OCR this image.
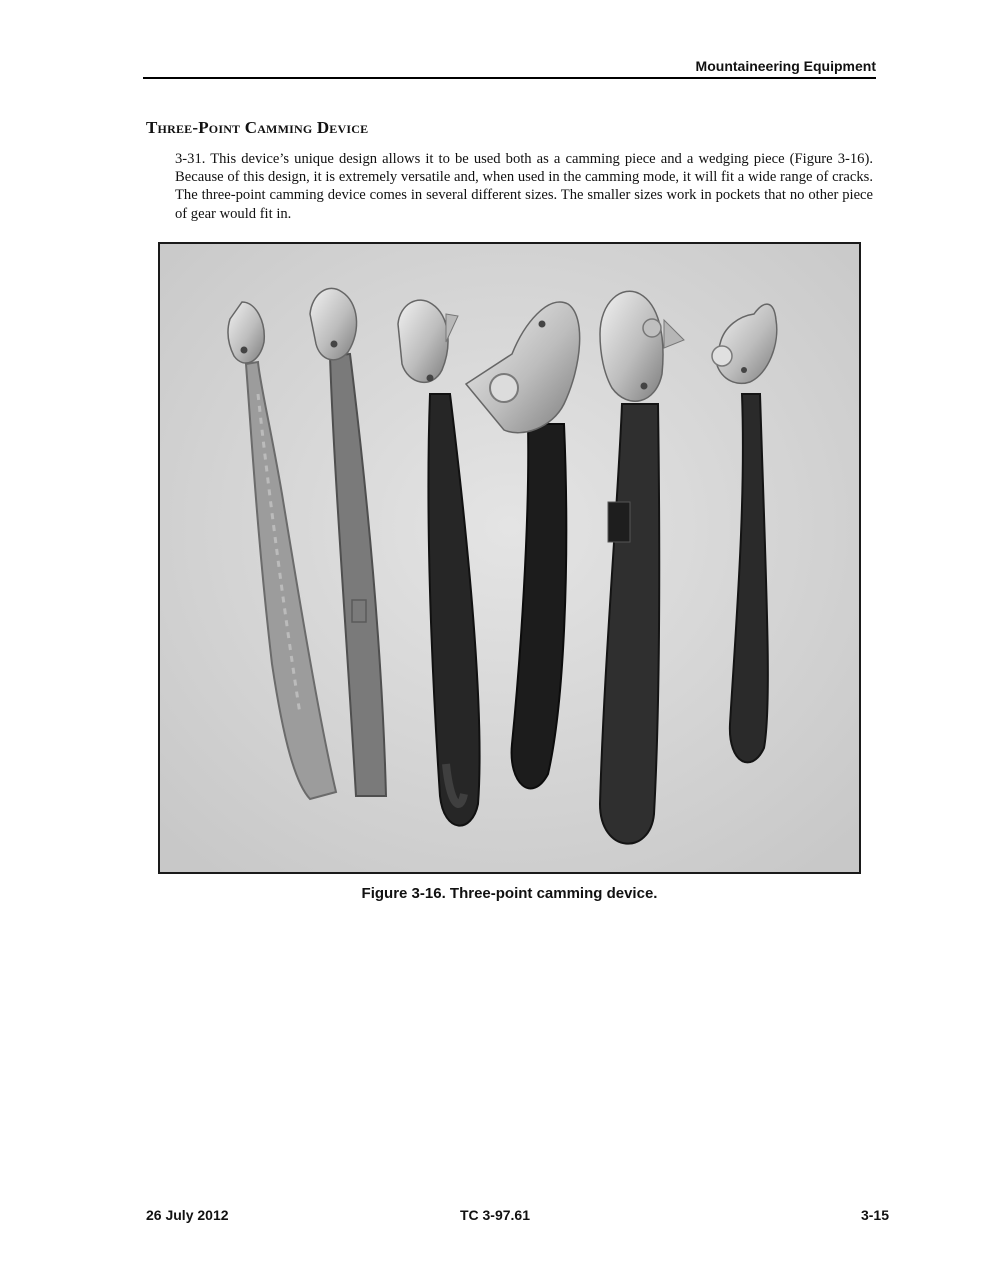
Mountaineering Equipment
Three-Point Camming Device
3-31. This device’s unique design allows it to be used both as a camming piece and a wedging piece (Figure 3-16). Because of this design, it is extremely versatile and, when used in the camming mode, it will fit a wide range of cracks. The three-point camming device comes in several different sizes. The smaller sizes work in pockets that no other piece of gear would fit in.
Figure 3-16. Three-point camming device.
26 July 2012	TC 3-97.61	3-15
